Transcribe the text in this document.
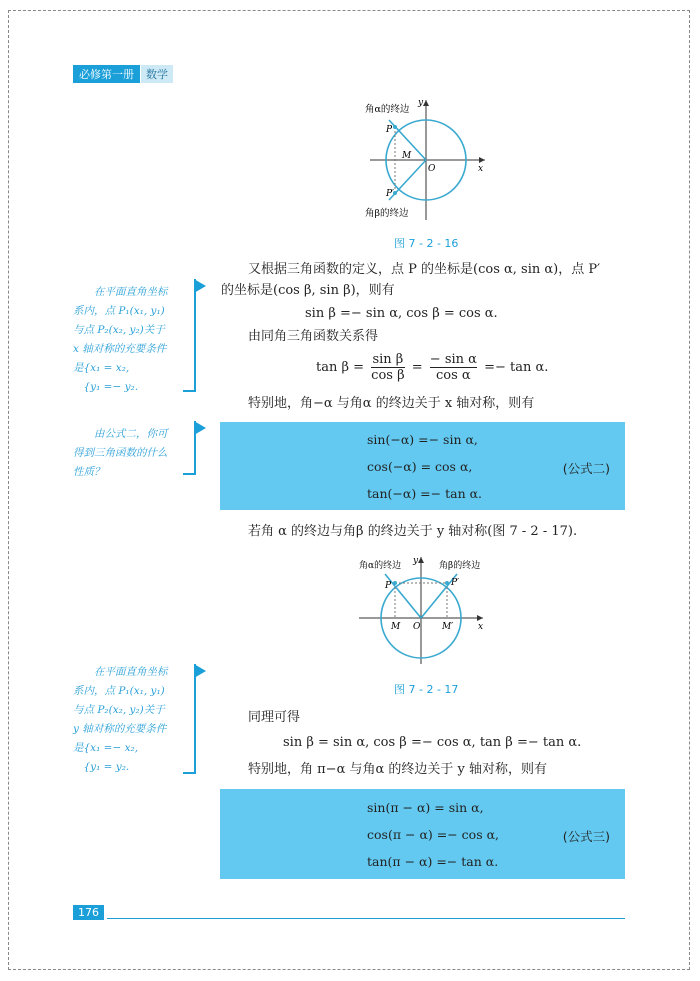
必修第一册	数学
角α的终边
角β的终边
P
P′
M
O	x
y
图 7 - 2 - 16
又根据三角函数的定义，点 P 的坐标是(cos α, sin α)，点 P′
的坐标是(cos β, sin β)，则有
sin β =− sin α, cos β = cos α.
由同角三角函数关系得
$\tan \beta = \frac{\text{sin β}}{\text{cos β}} = \frac{\text{− sin α}}{\text{cos α}} =- \tan \alpha$.
特别地，角−α 与角α 的终边关于 x 轴对称，则有
sin(−α) =− sin α,
cos(−α) = cos α,
tan(−α) =− tan α.
(公式二)
若角 α 的终边与角β 的终边关于 y 轴对称(图 7 - 2 - 17).
角α的终边	角β的终边
P	P′
M O M′	x
y
图 7 - 2 - 17
同理可得
sin β = sin α, cos β =− cos α, tan β =− tan α.
特别地，角 π−α 与角α 的终边关于 y 轴对称，则有
sin(π − α) = sin α,
cos(π − α) =− cos α,
tan(π − α) =− tan α.
(公式三)
　　在平面直角坐标
系内，点 P₁(x₁, y₁)
与点 P₂(x₂, y₂)关于
x 轴对称的充要条件
是{x₁ = x₂,
　{y₁ =− y₂.
　　由公式二，你可
得到三角函数的什么
性质？
　　在平面直角坐标
系内，点 P₁(x₁, y₁)
与点 P₂(x₂, y₂)关于
y 轴对称的充要条件
是{x₁ =− x₂,
　{y₁ = y₂.
176
